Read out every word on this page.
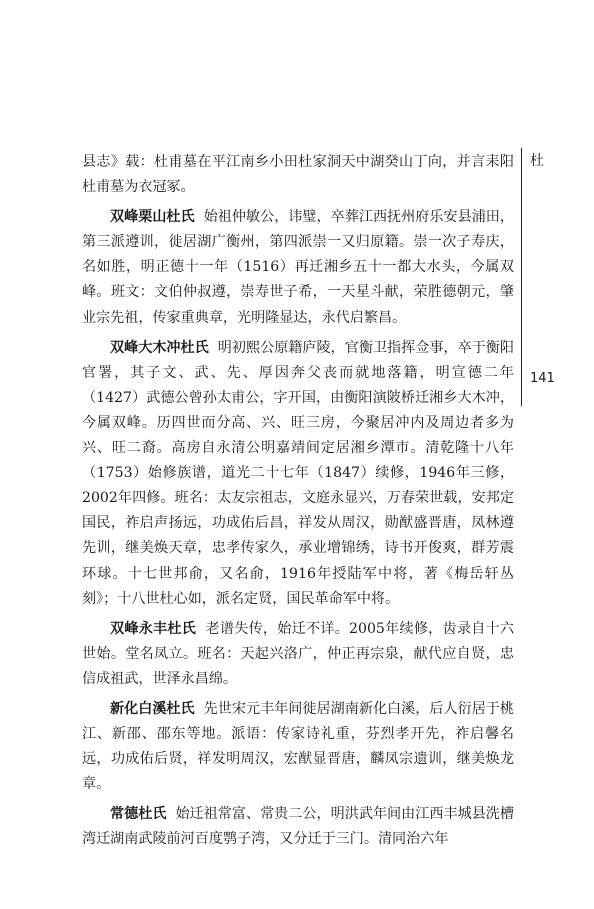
县志》载：杜甫墓在平江南乡小田杜家洞天中湖癸山丁向，并言耒阳杜甫墓为衣冠冢。

双峰栗山杜氏 始祖仲敏公，讳璧，卒葬江西抚州府乐安县浦田，第三派遵训，徙居湖广衡州，第四派崇一又归原籍。崇一次子寿庆，名如胜，明正德十一年（1516）再迁湘乡五十一都大水头，今属双峰。班文：文伯仲叔遵，崇寿世子希，一天星斗献，荣胜德朝元，肇业宗先祖，传家重典章，光明隆显达，永代启繁昌。

双峰大木冲杜氏 明初熙公原籍庐陵，官衡卫指挥佥事，卒于衡阳官署，其子文、武、先、厚因奔父丧而就地落籍，明宣德二年（1427）武德公曾孙太甫公，字开国，由衡阳演陂桥迁湘乡大木冲，今属双峰。历四世而分高、兴、旺三房，今聚居冲内及周边者多为兴、旺二裔。高房自永清公明嘉靖间定居湘乡潭市。清乾隆十八年（1753）始修族谱，道光二十七年（1847）续修，1946年三修，2002年四修。班名：太友宗祖志，文庭永显兴，万春荣世载，安邦定国民，祚启声扬远，功成佑后昌，祥发从周汉，勋猷盛晋唐，凤林遵先训，继美焕天章，忠孝传家久，承业增锦绣，诗书开俊爽，群芳震环球。十七世邦俞，又名俞，1916年授陆军中将，著《梅岳轩丛刻》；十八世杜心如，派名定贤，国民革命军中将。

双峰永丰杜氏 老谱失传，始迁不详。2005年续修，齿录自十六世始。堂名凤立。班名：天起兴洛广，仲正再宗泉，献代应自贤，忠信成祖武，世泽永昌绵。

新化白溪杜氏 先世宋元丰年间徙居湖南新化白溪，后人衍居于桃江、新邵、邵东等地。派语：传家诗礼重，芬烈孝开先，祚启馨名远，功成佑后贤，祥发明周汉，宏猷显晋唐，麟凤宗遗训，继美焕龙章。

常德杜氏 始迁祖常富、常贵二公，明洪武年间由江西丰城县洗槽湾迁湖南武陵前河百度鹗子湾，又分迁于三门。清同治六年

杜
141
